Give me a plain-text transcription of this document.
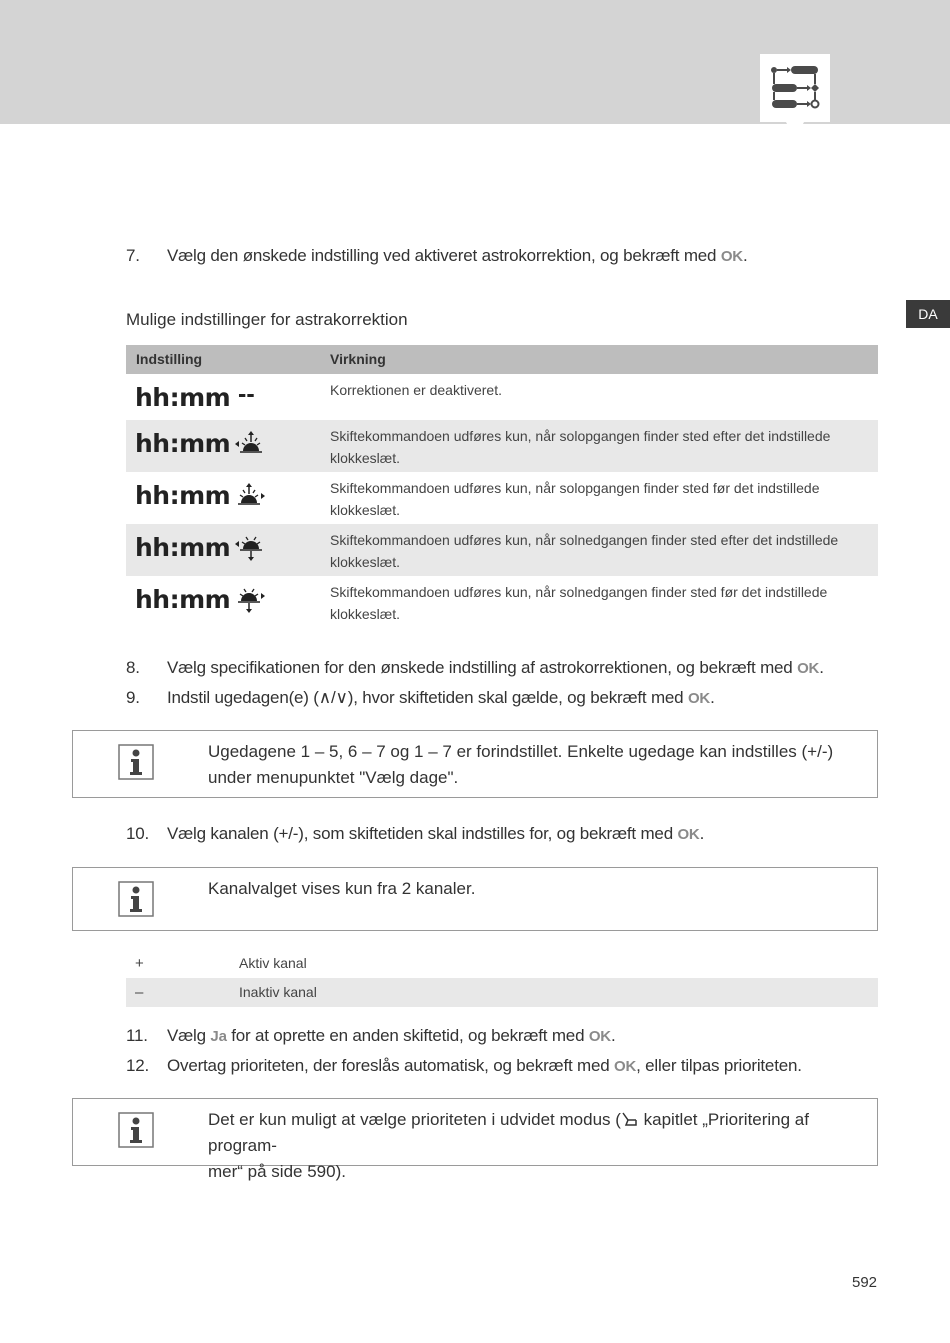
DA
7. Vælg den ønskede indstilling ved aktiveret astrokorrektion, og bekræft med OK.
Mulige indstillinger for astrakorrektion
Indstilling	Virkning
hh:mm --	Korrektionen er deaktiveret.
hh:mm	Skiftekommandoen udføres kun, når solopgangen finder sted efter det indstillede klokkeslæt.
hh:mm	Skiftekommandoen udføres kun, når solopgangen finder sted før det indstillede klokkeslæt.
hh:mm	Skiftekommandoen udføres kun, når solnedgangen finder sted efter det indstillede klokkeslæt.
hh:mm	Skiftekommandoen udføres kun, når solnedgangen finder sted før det indstillede klokkeslæt.
8. Vælg specifikationen for den ønskede indstilling af astrokorrektionen, og bekræft med OK.
9. Indstil ugedagen(e) (∧/∨), hvor skiftetiden skal gælde, og bekræft med OK.
Ugedagene 1 – 5, 6 – 7 og 1 – 7 er forindstillet. Enkelte ugedage kan indstilles (+/-) under menupunktet "Vælg dage".
10. Vælg kanalen (+/-), som skiftetiden skal indstilles for, og bekræft med OK.
Kanalvalget vises kun fra 2 kanaler.
+	Aktiv kanal
–	Inaktiv kanal
11. Vælg Ja for at oprette en anden skiftetid, og bekræft med OK.
12. Overtag prioriteten, der foreslås automatisk, og bekræft med OK, eller tilpas prioriteten.
Det er kun muligt at vælge prioriteten i udvidet modus ( kapitlet „Prioritering af program-
mer“ på side 590).
592
